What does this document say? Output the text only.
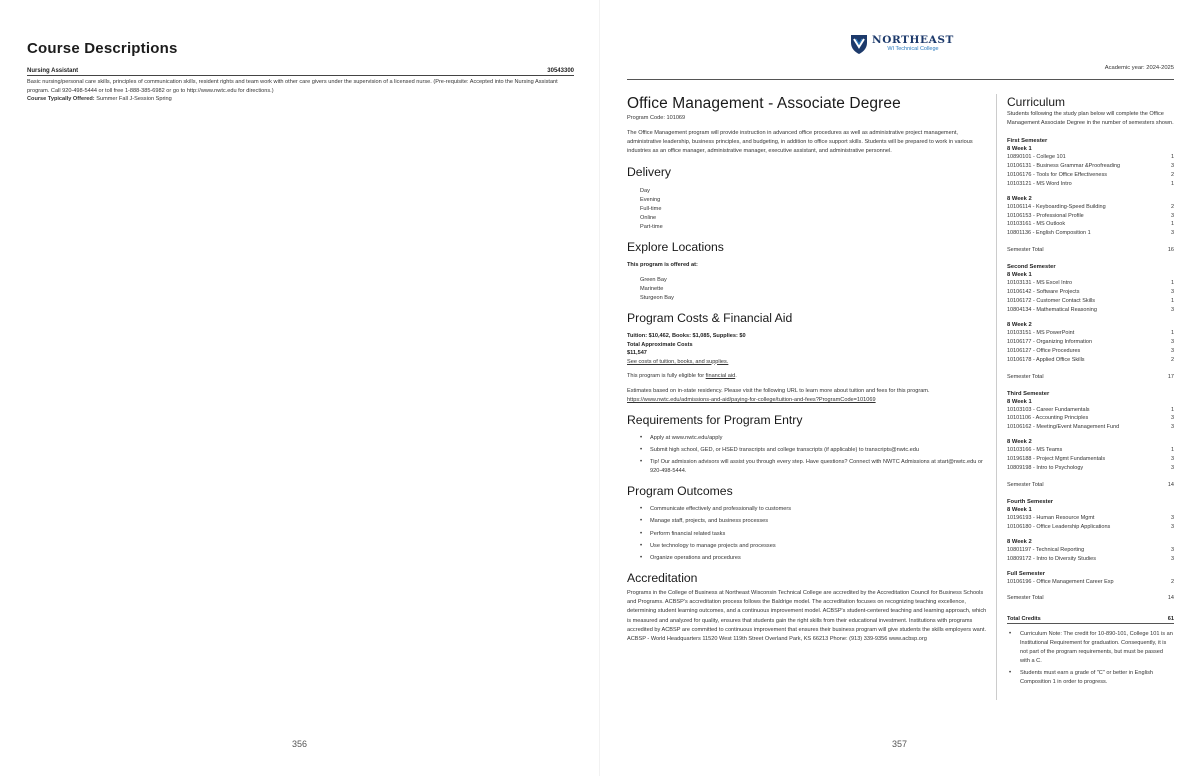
Course Descriptions
Nursing Assistant	30543300
Basic nursing/personal care skills, principles of communication skills, resident rights and team work with other care givers under the supervision of a licensed nurse. (Pre-requisite: Accepted into the Nursing Assistant program. Call 920-498-5444 or toll free 1-888-385-6982 or go to http://www.nwtc.edu for directions.)
Course Typically Offered: Summer Fall J-Session Spring
356
NORTHEAST
WI Technical College
Academic year: 2024-2025
Office Management - Associate Degree
Program Code: 101069
The Office Management program will provide instruction in advanced office procedures as well as administrative project management, administrative leadership, business principles, and budgeting, in addition to office support skills. Students will be prepared to work in various industries as an office manager, administrative manager, executive assistant, and administrative personnel.
Delivery
Day
Evening
Full-time
Online
Part-time
Explore Locations
This program is offered at:
Green Bay
Marinette
Sturgeon Bay
Program Costs & Financial Aid
Tuition: $10,462, Books: $1,085, Supplies: $0
Total Approximate Costs
$11,547
See costs of tuition, books, and supplies.
This program is fully eligible for financial aid.
Estimates based on in-state residency. Please visit the following URL to learn more about tuition and fees for this program.
https://www.nwtc.edu/admissions-and-aid/paying-for-college/tuition-and-fees?ProgramCode=101069
Requirements for Program Entry
• Apply at www.nwtc.edu/apply
• Submit high school, GED, or HSED transcripts and college transcripts (if applicable) to transcripts@nwtc.edu
• Tip! Our admission advisors will assist you through every step. Have questions? Connect with NWTC Admissions at start@nwtc.edu or 920-498-5444.
Program Outcomes
• Communicate effectively and professionally to customers
• Manage staff, projects, and business processes
• Perform financial related tasks
• Use technology to manage projects and processes
• Organize operations and procedures
Accreditation
Programs in the College of Business at Northeast Wisconsin Technical College are accredited by the Accreditation Council for Business Schools and Programs. ACBSP's accreditation process follows the Baldrige model. The accreditation focuses on recognizing teaching excellence, determining student learning outcomes, and a continuous improvement model. ACBSP's student-centered teaching and learning approach, which is measured and analyzed for quality, ensures that students gain the right skills from their educational investment. Institutions with programs accredited by ACBSP are committed to continuous improvement that ensures their business program will give students the skills employers want. ACBSP - World Headquarters 11520 West 119th Street Overland Park, KS 66213 Phone: (913) 339-9356 www.acbsp.org
Curriculum
Students following the study plan below will complete the Office Management Associate Degree in the number of semesters shown.
First Semester
8 Week 1
10890101 - College 101	1
10106131 - Business Grammar &Proofreading	3
10106176 - Tools for Office Effectiveness	2
10103121 - MS Word Intro	1
8 Week 2
10106114 - Keyboarding-Speed Building	2
10106153 - Professional Profile	3
10103161 - MS Outlook	1
10801136 - English Composition 1	3
Semester Total	16
Second Semester
8 Week 1
10103131 - MS Excel Intro	1
10106142 - Software Projects	3
10106172 - Customer Contact Skills	1
10804134 - Mathematical Reasoning	3
8 Week 2
10103151 - MS PowerPoint	1
10106177 - Organizing Information	3
10106127 - Office Procedures	3
10106178 - Applied Office Skills	2
Semester Total	17
Third Semester
8 Week 1
10103103 - Career Fundamentals	1
10101106 - Accounting Principles	3
10106162 - Meeting/Event Management Fund	3
8 Week 2
10103166 - MS Teams	1
10196188 - Project Mgmt Fundamentals	3
10809198 - Intro to Psychology	3
Semester Total	14
Fourth Semester
8 Week 1
10196193 - Human Resource Mgmt	3
10106180 - Office Leadership Applications	3
8 Week 2
10801197 - Technical Reporting	3
10809172 - Intro to Diversity Studies	3
Full Semester
10106196 - Office Management Career Exp	2
Semester Total	14
Total Credits	61
• Curriculum Note: The credit for 10-890-101, College 101 is an Institutional Requirement for graduation. Consequently, it is not part of the program requirements, but must be passed with a C.
• Students must earn a grade of "C" or better in English Composition 1 in order to progress.
357
